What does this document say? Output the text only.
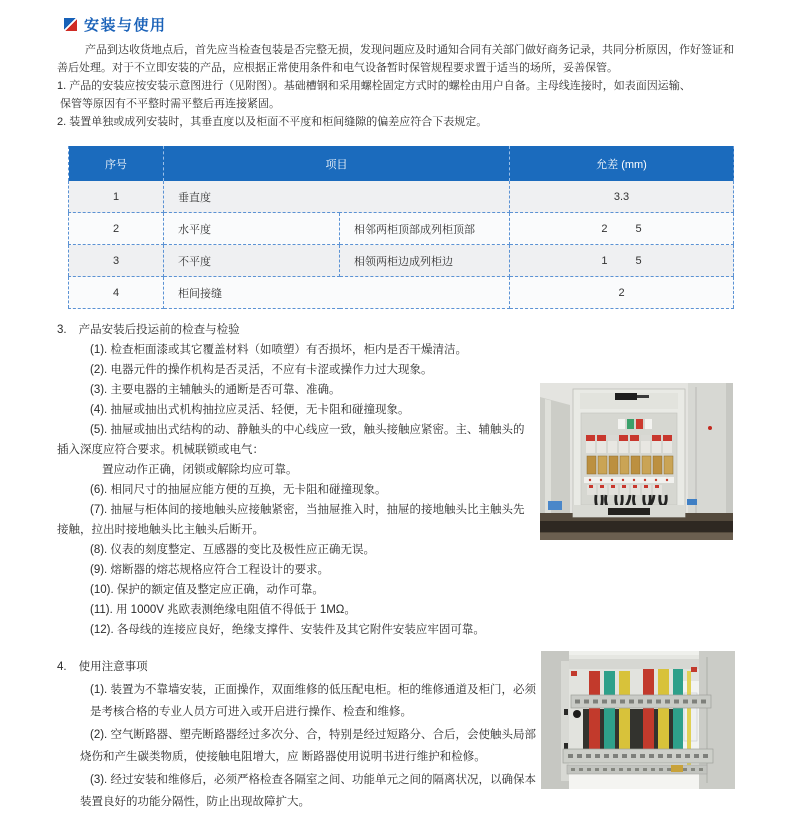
安装与使用
产品到达收货地点后，首先应当检查包装是否完整无损，发现问题应及时通知合同有关部门做好商务记录，共同分析原因，作好签证和
善后处理。对于不立即安装的产品，应根据正常使用条件和电气设备暂时保管规程要求置于适当的场所，妥善保管。
1. 产品的安装应按安装示意图进行（见附图）。基础槽钢和采用螺栓固定方式时的螺栓由用户自备。主母线连接时，如表面因运输、
保管等原因有不平整时需平整后再连接紧固。
2. 装置单独或成列安装时，其垂直度以及柜面不平度和柜间缝隙的偏差应符合下表规定。
序号	项目		允差 (mm)
1	垂直度		3.3
2	水平度	相邻两柜顶部成列柜顶部	2 5
3	不平度	相领两柜边成列柜边	1 5
4	柜间接缝		2
3. 产品安装后投运前的检查与检验
(1). 检查柜面漆或其它覆盖材料（如喷塑）有否损坏，柜内是否干燥清洁。
(2). 电器元件的操作机构是否灵活，不应有卡涩或操作力过大现象。
(3). 主要电器的主辅触头的通断是否可靠、准确。
(4). 抽屉或抽出式机构抽拉应灵活、轻便，无卡阻和碰撞现象。
(5). 抽屉或抽出式结构的动、静触头的中心线应一致，触头接触应紧密。主、辅触头的
插入深度应符合要求。机械联锁或电气：
置应动作正确，闭锁或解除均应可靠。
(6). 相同尺寸的抽屉应能方便的互换，无卡阻和碰撞现象。
(7). 抽屉与柜体间的接地触头应接触紧密，当抽屉推入时，抽屉的接地触头比主触头先
接触，拉出时接地触头比主触头后断开。
(8). 仪表的刻度整定、互感器的变比及极性应正确无误。
(9). 熔断器的熔芯规格应符合工程设计的要求。
(10). 保护的额定值及整定应正确，动作可靠。
(11). 用 1000V 兆欧表测绝缘电阻值不得低于 1MΩ。
(12). 各母线的连接应良好，绝缘支撑件、安装件及其它附件安装应牢固可靠。
4. 使用注意事项
(1). 装置为不靠墙安装，正面操作，双面维修的低压配电柜。柜的维修通道及柜门，必须
是考核合格的专业人员方可进入或开启进行操作、检查和维修。
(2). 空气断路器、塑壳断路器经过多次分、合，特别是经过短路分、合后，会使触头局部
烧伤和产生碳类物质，使接触电阻增大，应 断路器使用说明书进行维护和检修。
(3). 经过安装和维修后，必须严格检查各隔室之间、功能单元之间的隔离状况，以确保本
装置良好的功能分隔性，防止出现故障扩大。
